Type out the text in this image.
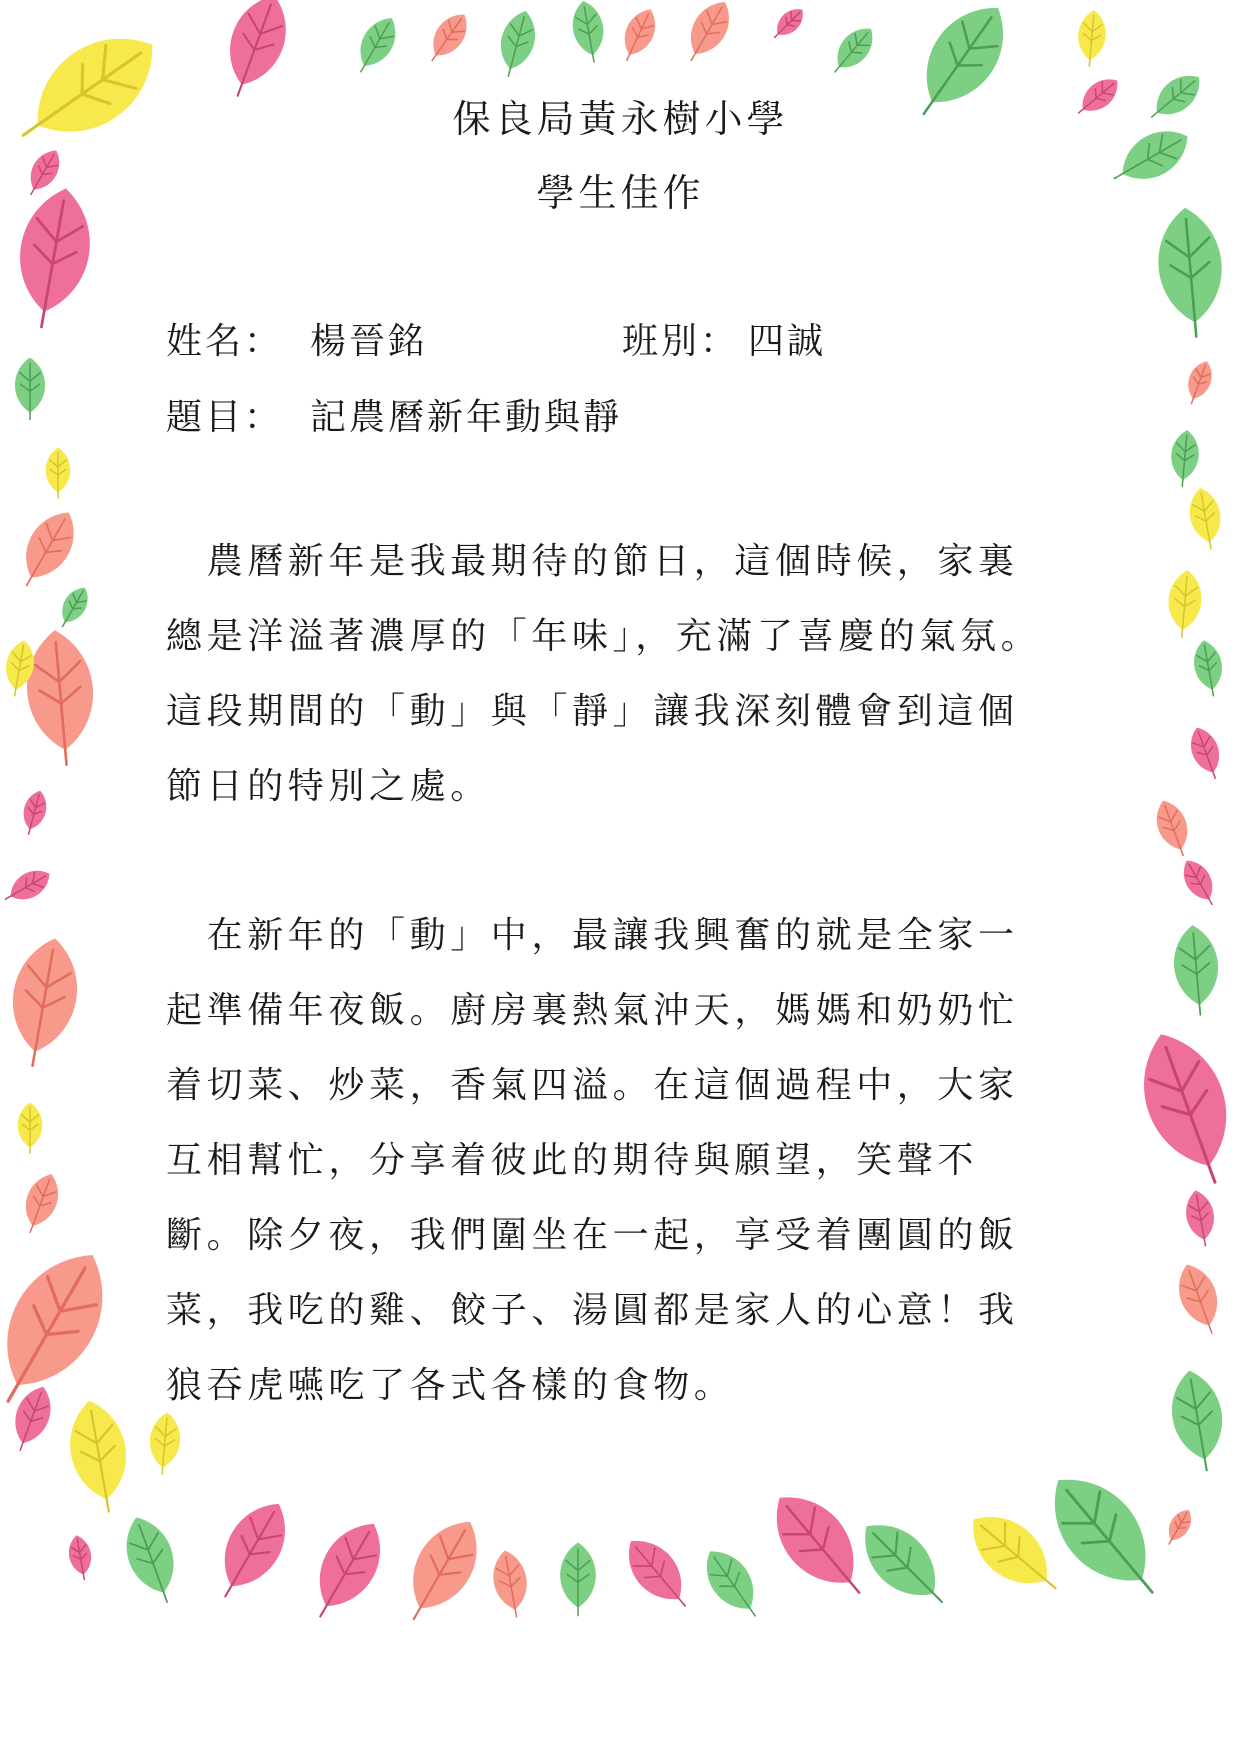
保良局黃永樹小學
學生佳作
姓名： 楊晉銘	班別： 四誠
題目： 記農曆新年動與靜
　農曆新年是我最期待的節日，這個時候，家裏
總是洋溢著濃厚的「年味」，充滿了喜慶的氣氛。
這段期間的「動」與「靜」讓我深刻體會到這個
節日的特別之處。
　在新年的「動」中，最讓我興奮的就是全家一
起準備年夜飯。廚房裏熱氣沖天，媽媽和奶奶忙
着切菜、炒菜，香氣四溢。在這個過程中，大家
互相幫忙，分享着彼此的期待與願望，笑聲不
斷。除夕夜，我們圍坐在一起，享受着團圓的飯
菜，我吃的雞、餃子、湯圓都是家人的心意！我
狼吞虎嚥吃了各式各樣的食物。
